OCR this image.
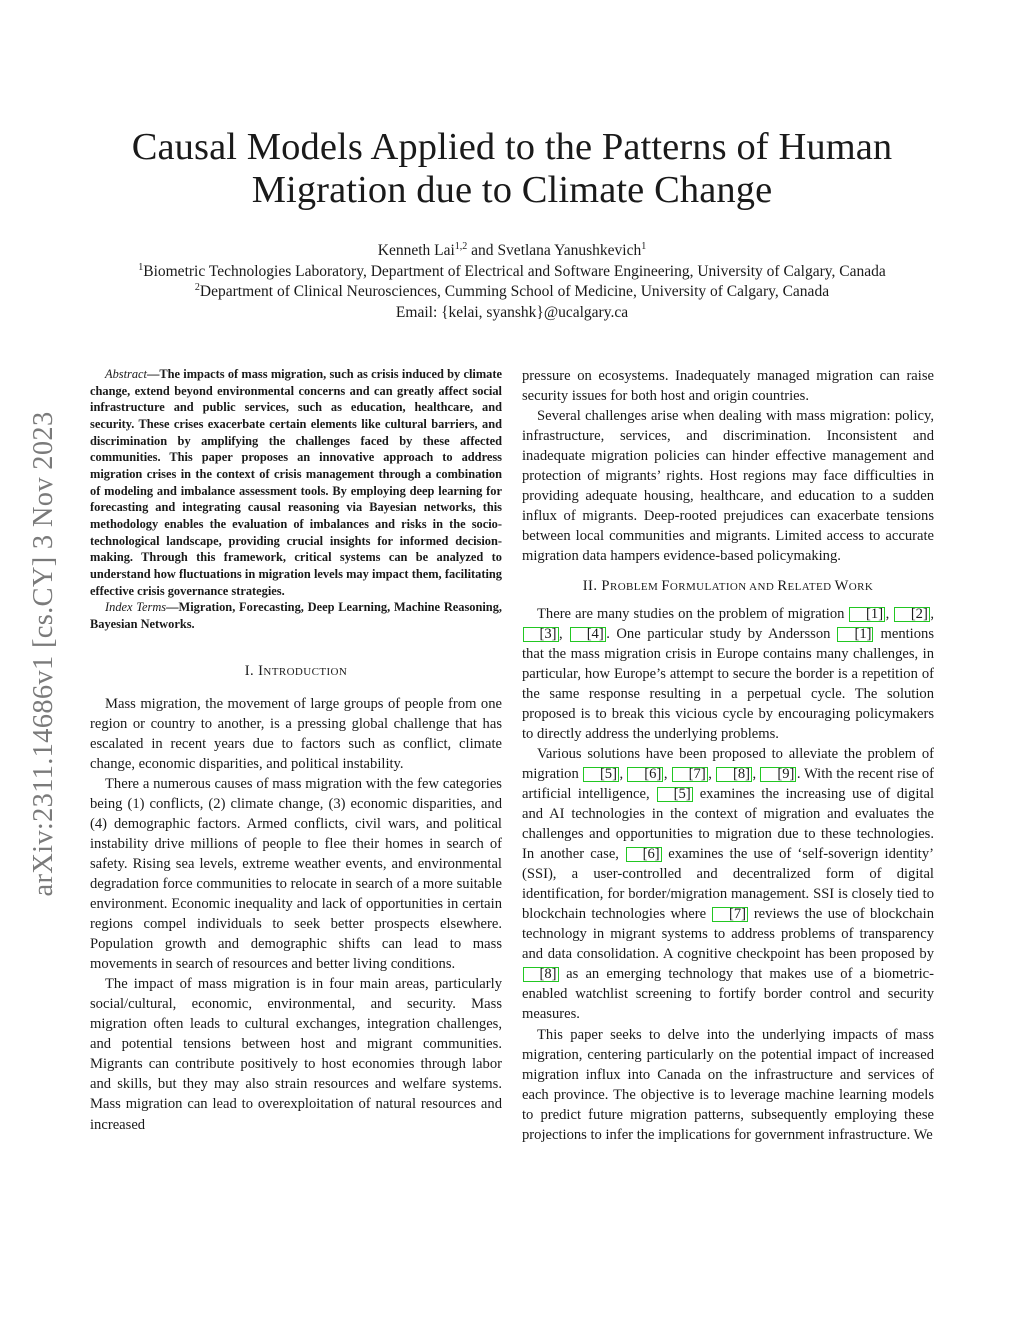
Causal Models Applied to the Patterns of Human
Migration due to Climate Change
Kenneth Lai$^{1,2}$ and Svetlana Yanushkevich$^1$
$^1$Biometric Technologies Laboratory, Department of Electrical and Software Engineering, University of Calgary, Canada
$^2$Department of Clinical Neurosciences, Cumming School of Medicine, University of Calgary, Canada
Email: {kelai, syanshk}@ucalgary.ca
arXiv:2311.14686v1 [cs.CY] 3 Nov 2023

Abstract—The impacts of mass migration, such as crisis induced by climate change, extend beyond environmental concerns and can greatly affect social infrastructure and public services, such as education, healthcare, and security. These crises exacerbate certain elements like cultural barriers, and discrimination by amplifying the challenges faced by these affected communities. This paper proposes an innovative approach to address migration crises in the context of crisis management through a combination of modeling and imbalance assessment tools. By employing deep learning for forecasting and integrating causal reasoning via Bayesian networks, this methodology enables the evaluation of imbalances and risks in the socio-technological landscape, providing crucial insights for informed decision-making. Through this framework, critical systems can be analyzed to understand how fluctuations in migration levels may impact them, facilitating effective crisis governance strategies.

Index Terms—Migration, Forecasting, Deep Learning, Machine Reasoning, Bayesian Networks.

I. INTRODUCTION

Mass migration, the movement of large groups of people from one region or country to another, is a pressing global challenge that has escalated in recent years due to factors such as conflict, climate change, economic disparities, and political instability.

There a numerous causes of mass migration with the few categories being (1) conflicts, (2) climate change, (3) economic disparities, and (4) demographic factors. Armed conflicts, civil wars, and political instability drive millions of people to flee their homes in search of safety. Rising sea levels, extreme weather events, and environmental degradation force communities to relocate in search of a more suitable environment. Economic inequality and lack of opportunities in certain regions compel individuals to seek better prospects elsewhere. Population growth and demographic shifts can lead to mass movements in search of resources and better living conditions.

The impact of mass migration is in four main areas, particularly social/cultural, economic, environmental, and security. Mass migration often leads to cultural exchanges, integration challenges, and potential tensions between host and migrant communities. Migrants can contribute positively to host economies through labor and skills, but they may also strain resources and welfare systems. Mass migration can lead to overexploitation of natural resources and increased

pressure on ecosystems. Inadequately managed migration can raise security issues for both host and origin countries.

Several challenges arise when dealing with mass migration: policy, infrastructure, services, and discrimination. Inconsistent and inadequate migration policies can hinder effective management and protection of migrants’ rights. Host regions may face difficulties in providing adequate housing, healthcare, and education to a sudden influx of migrants. Deep-rooted prejudices can exacerbate tensions between local communities and migrants. Limited access to accurate migration data hampers evidence-based policymaking.

II. PROBLEM FORMULATION AND RELATED WORK

There are many studies on the problem of migration [1] , [2] , [3] , [4] . One particular study by Andersson [1] mentions that the mass migration crisis in Europe contains many challenges, in particular, how Europe’s attempt to secure the border is a repetition of the same response resulting in a perpetual cycle. The solution proposed is to break this vicious cycle by encouraging policymakers to directly address the underlying problems.

Various solutions have been proposed to alleviate the problem of migration [5] , [6] , [7] , [8] , [9] . With the recent rise of artificial intelligence, [5] examines the increasing use of digital and AI technologies in the context of migration and evaluates the challenges and opportunities to migration due to these technologies. In another case, [6] examines the use of ‘self-soverign identity’ (SSI), a user-controlled and decentralized form of digital identification, for border/migration management. SSI is closely tied to blockchain technologies where [7] reviews the use of blockchain technology in migrant systems to address problems of transparency and data consolidation. A cognitive checkpoint has been proposed by [8] as an emerging technology that makes use of a biometric-enabled watchlist screening to fortify border control and security measures.

This paper seeks to delve into the underlying impacts of mass migration, centering particularly on the potential impact of increased migration influx into Canada on the infrastructure and services of each province. The objective is to leverage machine learning models to predict future migration patterns, subsequently employing these projections to infer the implications for government infrastructure. We
